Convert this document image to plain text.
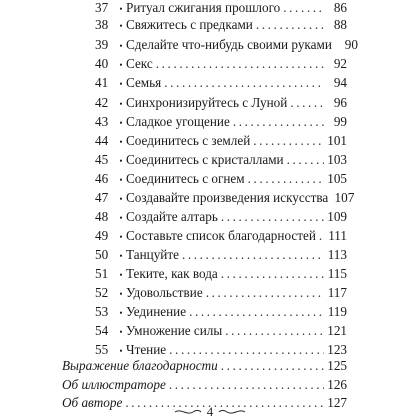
37	• Ритуал сжигания прошлого .....	86
38	• Свяжитесь с предками .....	88
39	• Сделайте что-нибудь своими руками 90
40	• Секс .....	92
41	• Семья .....	94
42	• Синхронизируйтесь с Луной .....	96
43	• Сладкое угощение .....	99
44	• Соединитесь с землей .....	101
45	• Соединитесь с кристаллами .....	103
46	• Соединитесь с огнем .....	105
47	• Создавайте произведения искусства 107
48	• Создайте алтарь .....	109
49	• Составьте список благодарностей ..... 111
50	• Танцуйте .....	113
51	• Текитe, как вода .....	115
52	• Удовольствие .....	117
53	• Уединение .....	119
54	• Умножение силы .....	121
55	• Чтение .....	123
Выражение благодарности .....	125
Об иллюстраторе .....	126
Об авторе .....	127
4
